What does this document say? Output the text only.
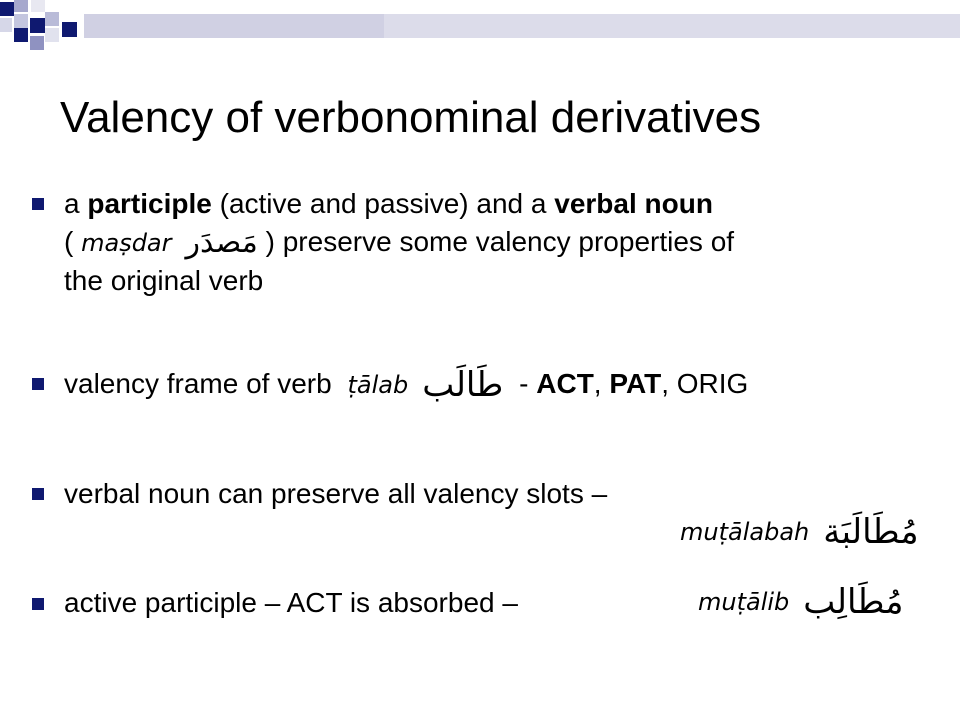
Valency of verbonominal derivatives
a participle (active and passive) and a verbal noun
( maṣdar مَصدَر ) preserve some valency properties of
the original verb
valency frame of verb ṭālab طَالَب - ACT, PAT, ORIG
verbal noun can preserve all valency slots –
muṭālabah مُطَالَبَة
active participle – ACT is absorbed –	muṭālib مُطَالِب
